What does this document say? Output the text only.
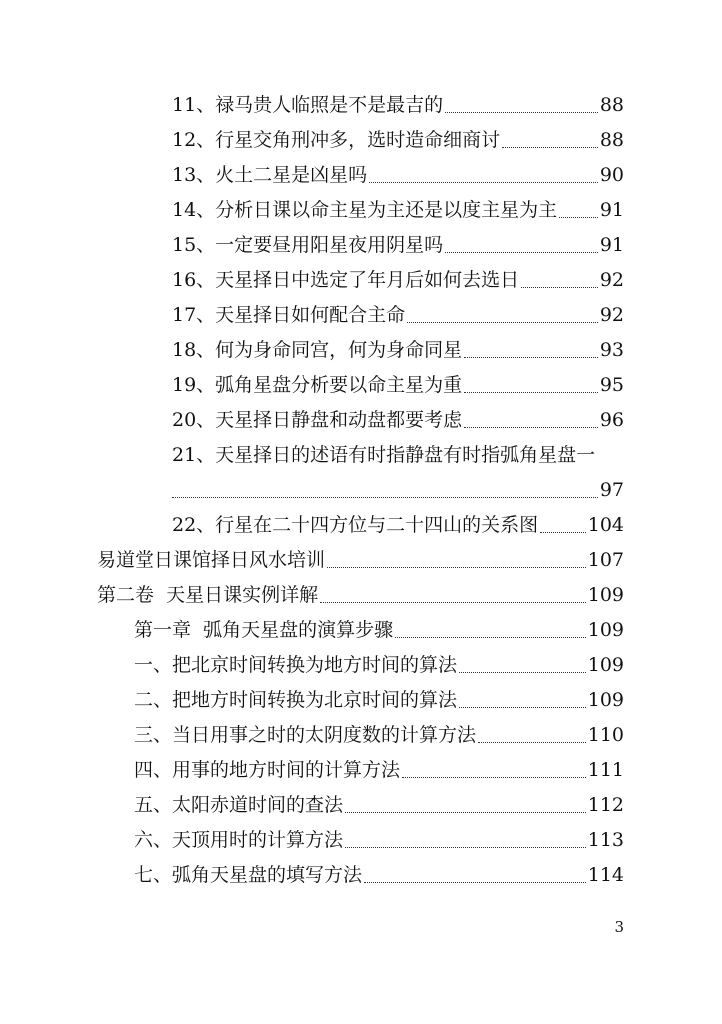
11、禄马贵人临照是不是最吉的	88
12、行星交角刑冲多，选时造命细商讨	88
13、火土二星是凶星吗	90
14、分析日课以命主星为主还是以度主星为主 91
15、一定要昼用阳星夜用阴星吗	91
16、天星择日中选定了年月后如何去选日	92
17、天星择日如何配合主命	92
18、何为身命同宫，何为身命同星	93
19、弧角星盘分析要以命主星为重	95
20、天星择日静盘和动盘都要考虑	96
21、天星择日的述语有时指静盘有时指弧角星盘一
97
22、行星在二十四方位与二十四山的关系图	104
易道堂日课馆择日风水培训	107
第二卷  天星日课实例详解	109
第一章  弧角天星盘的演算步骤	109
一、把北京时间转换为地方时间的算法	109
二、把地方时间转换为北京时间的算法	109
三、当日用事之时的太阴度数的计算方法	110
四、用事的地方时间的计算方法	111
五、太阳赤道时间的查法	112
六、天顶用时的计算方法	113
七、弧角天星盘的填写方法	114
3
